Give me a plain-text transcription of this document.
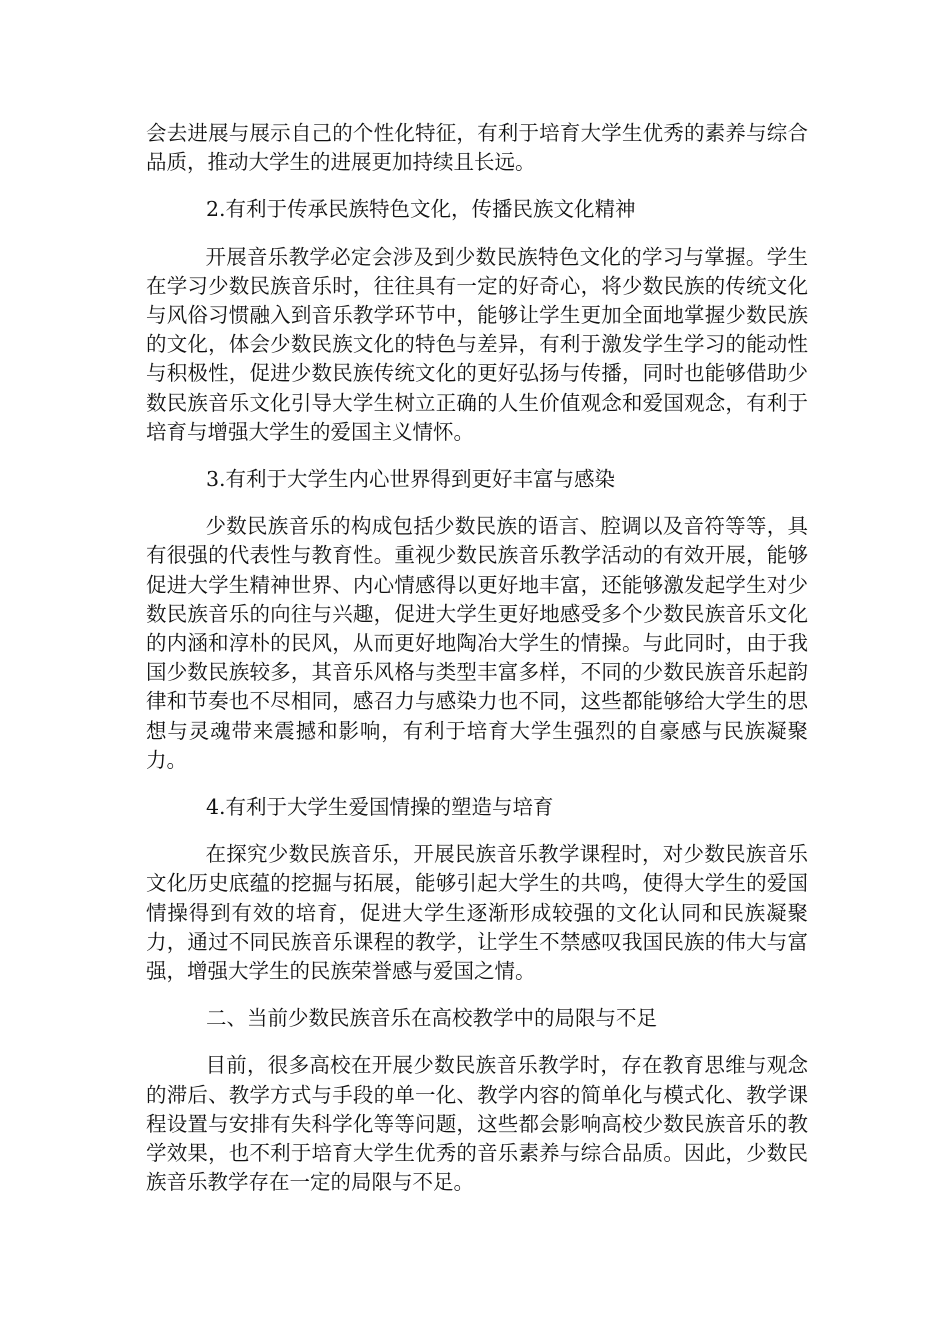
会去进展与展示自己的个性化特征，有利于培育大学生优秀的素养与综合品质，推动大学生的进展更加持续且长远。

2.有利于传承民族特色文化，传播民族文化精神

开展音乐教学必定会涉及到少数民族特色文化的学习与掌握。学生在学习少数民族音乐时，往往具有一定的好奇心，将少数民族的传统文化与风俗习惯融入到音乐教学环节中，能够让学生更加全面地掌握少数民族的文化，体会少数民族文化的特色与差异，有利于激发学生学习的能动性与积极性，促进少数民族传统文化的更好弘扬与传播，同时也能够借助少数民族音乐文化引导大学生树立正确的人生价值观念和爱国观念，有利于培育与增强大学生的爱国主义情怀。

3.有利于大学生内心世界得到更好丰富与感染

少数民族音乐的构成包括少数民族的语言、腔调以及音符等等，具有很强的代表性与教育性。重视少数民族音乐教学活动的有效开展，能够促进大学生精神世界、内心情感得以更好地丰富，还能够激发起学生对少数民族音乐的向往与兴趣，促进大学生更好地感受多个少数民族音乐文化的内涵和淳朴的民风，从而更好地陶冶大学生的情操。与此同时，由于我国少数民族较多，其音乐风格与类型丰富多样，不同的少数民族音乐起韵律和节奏也不尽相同，感召力与感染力也不同，这些都能够给大学生的思想与灵魂带来震撼和影响，有利于培育大学生强烈的自豪感与民族凝聚力。

4.有利于大学生爱国情操的塑造与培育

在探究少数民族音乐，开展民族音乐教学课程时，对少数民族音乐文化历史底蕴的挖掘与拓展，能够引起大学生的共鸣，使得大学生的爱国情操得到有效的培育，促进大学生逐渐形成较强的文化认同和民族凝聚力，通过不同民族音乐课程的教学，让学生不禁感叹我国民族的伟大与富强，增强大学生的民族荣誉感与爱国之情。

二、当前少数民族音乐在高校教学中的局限与不足

目前，很多高校在开展少数民族音乐教学时，存在教育思维与观念的滞后、教学方式与手段的单一化、教学内容的简单化与模式化、教学课程设置与安排有失科学化等等问题，这些都会影响高校少数民族音乐的教学效果，也不利于培育大学生优秀的音乐素养与综合品质。因此，少数民族音乐教学存在一定的局限与不足。
